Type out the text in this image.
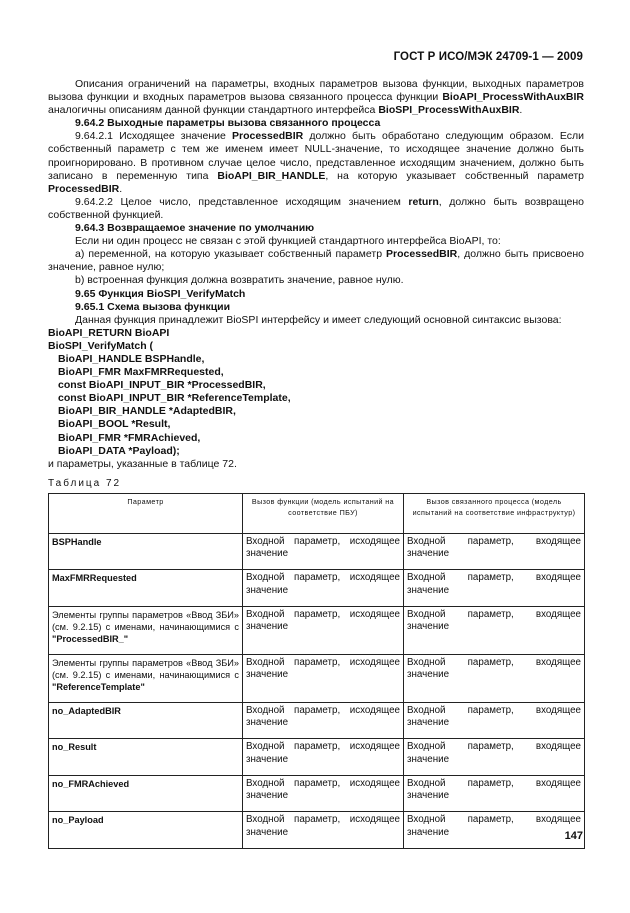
ГОСТ Р ИСО/МЭК 24709-1 — 2009

Описания ограничений на параметры, входных параметров вызова функции, выходных параметров вызова функции и входных параметров вызова связанного процесса функции BioAPI_ProcessWithAuxBIR аналогичны описаниям данной функции стандартного интерфейса BioSPI_ProcessWithAuxBIR.

9.64.2 Выходные параметры вызова связанного процесса

9.64.2.1 Исходящее значение ProcessedBIR должно быть обработано следующим образом. Если собственный параметр с тем же именем имеет NULL-значение, то исходящее значение должно быть проигнорировано. В противном случае целое число, представленное исходящим значением, должно быть записано в переменную типа BioAPI_BIR_HANDLE, на которую указывает собственный параметр ProcessedBIR.

9.64.2.2 Целое число, представленное исходящим значением return, должно быть возвращено собственной функцией.

9.64.3 Возвращаемое значение по умолчанию

Если ни один процесс не связан с этой функцией стандартного интерфейса BioAPI, то:

а) переменной, на которую указывает собственный параметр ProcessedBIR, должно быть присвоено значение, равное нулю;

b) встроенная функция должна возвратить значение, равное нулю.

9.65 Функция BioSPI_VerifyMatch

9.65.1 Схема вызова функции

Данная функция принадлежит BioSPI интерфейсу и имеет следующий основной синтаксис вызова:

BioAPI_RETURN BioAPI

BioSPI_VerifyMatch (

BioAPI_HANDLE BSPHandle,

BioAPI_FMR MaxFMRRequested,

const BioAPI_INPUT_BIR *ProcessedBIR,

const BioAPI_INPUT_BIR *ReferenceTemplate,

BioAPI_BIR_HANDLE *AdaptedBIR,

BioAPI_BOOL *Result,

BioAPI_FMR *FMRAchieved,

BioAPI_DATA *Payload);

и параметры, указанные в таблице 72.

Таблица 72
Параметр	Вызов функции (модель испытаний на соответствие ПБУ)	Вызов связанного процесса (модель испытаний на соответствие инфраструктур)
BSPHandle	Входной параметр, исходящее значение	Входной параметр, входящее значение
MaxFMRRequested	Входной параметр, исходящее значение	Входной параметр, входящее значение
Элементы группы параметров «Ввод ЗБИ» (см. 9.2.15) с именами, начинающимися с "ProcessedBIR_"	Входной параметр, исходящее значение	Входной параметр, входящее значение
Элементы группы параметров «Ввод ЗБИ» (см. 9.2.15) с именами, начинающимися с "ReferenceTemplate"	Входной параметр, исходящее значение	Входной параметр, входящее значение
no_AdaptedBIR	Входной параметр, исходящее значение	Входной параметр, входящее значение
no_Result	Входной параметр, исходящее значение	Входной параметр, входящее значение
no_FMRAchieved	Входной параметр, исходящее значение	Входной параметр, входящее значение
no_Payload	Входной параметр, исходящее значение	Входной параметр, входящее значение	147
